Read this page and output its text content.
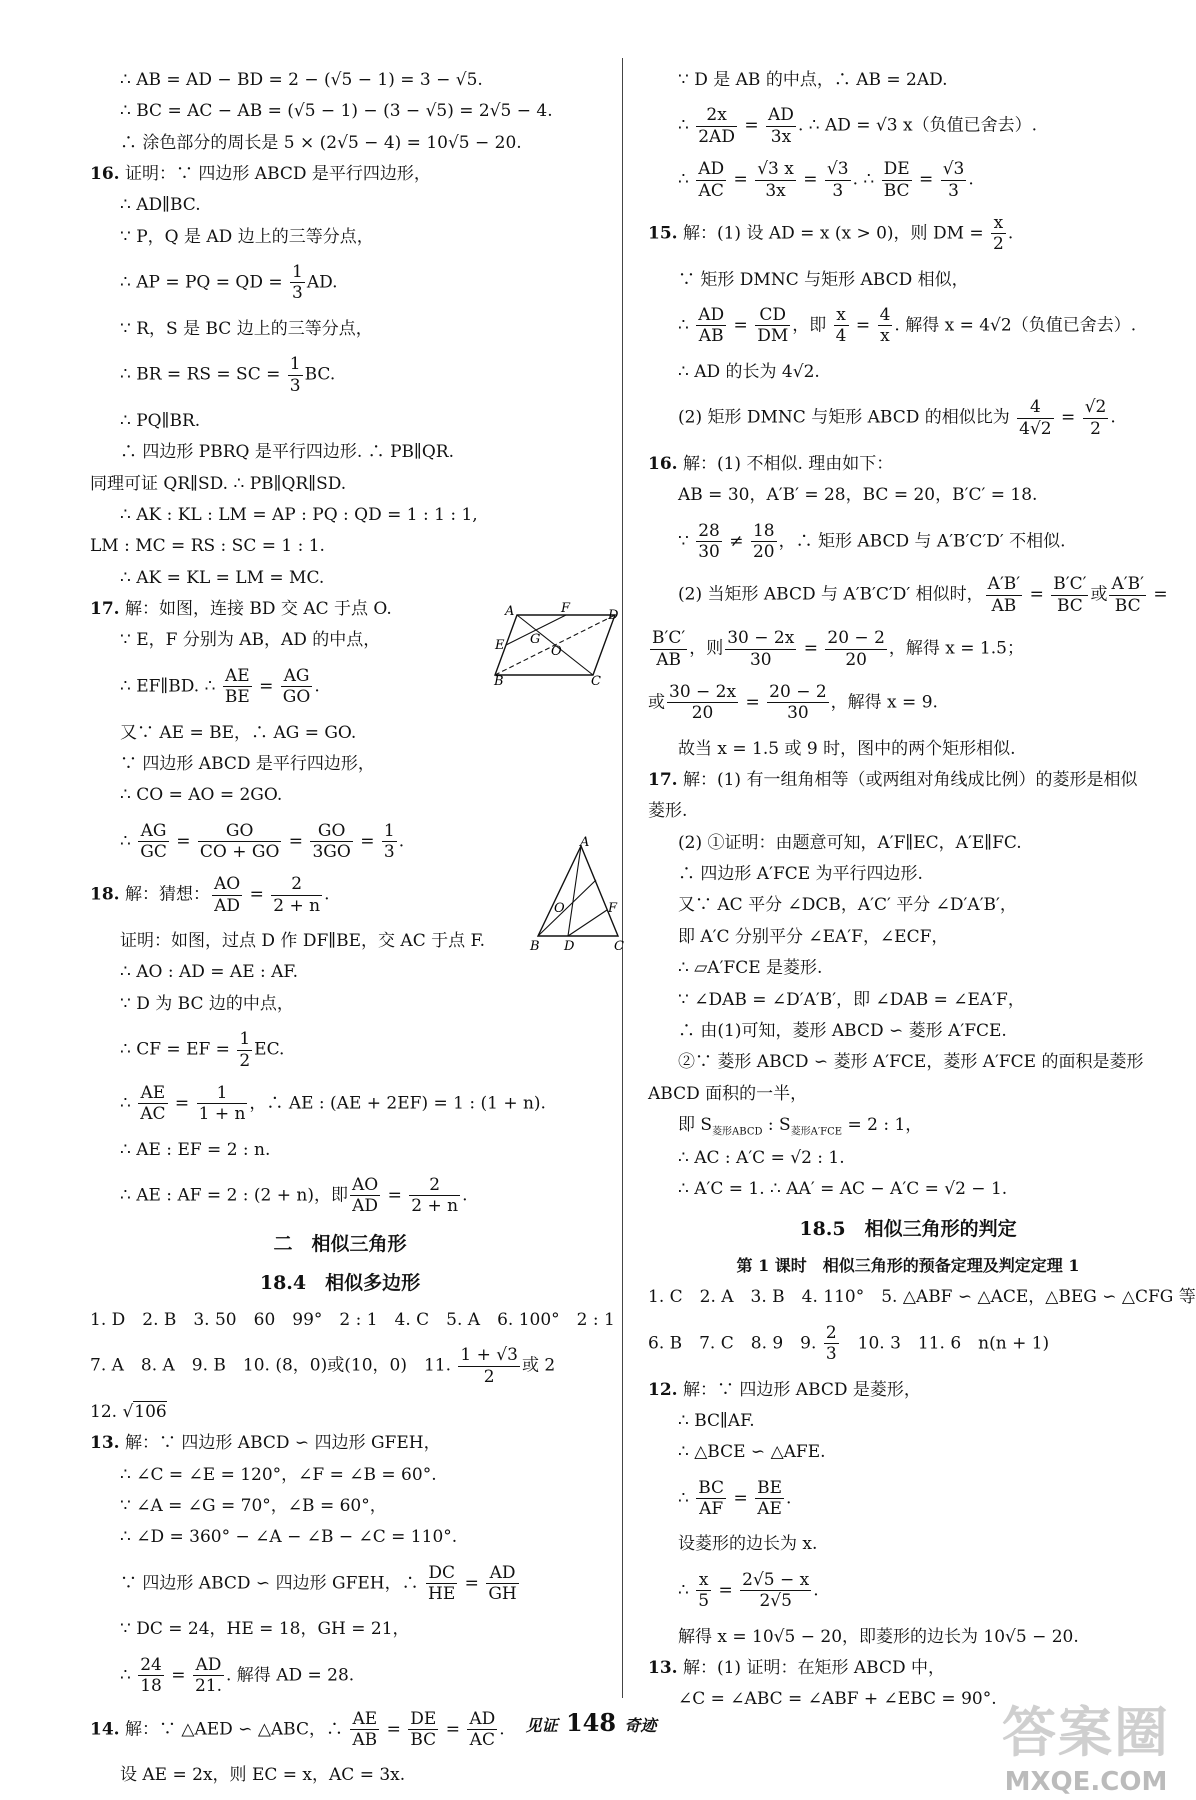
∴ AB = AD − BD = 2 − (√5 − 1) = 3 − √5.
∴ BC = AC − AB = (√5 − 1) − (3 − √5) = 2√5 − 4.
∴ 涂色部分的周长是 5 × (2√5 − 4) = 10√5 − 20.
16. 证明：∵ 四边形 ABCD 是平行四边形，
∴ AD∥BC.
∵ P，Q 是 AD 边上的三等分点，
∴ AP = PQ = QD = $\frac{1}{3}$ AD.
∵ R，S 是 BC 边上的三等分点，
∴ BR = RS = SC = $\frac{1}{3}$ BC.
∴ PQ∥BR.
∴ 四边形 PBRQ 是平行四边形. ∴ PB∥QR.
同理可证 QR∥SD. ∴ PB∥QR∥SD.
∴ AK : KL : LM = AP : PQ : QD = 1 : 1 : 1,
LM : MC = RS : SC = 1 : 1.
∴ AK = KL = LM = MC.
17. 解：如图，连接 BD 交 AC 于点 O.
∵ E，F 分别为 AB，AD 的中点，
∴ EF∥BD. ∴ $\frac{AE}{BE} = \frac{AG}{GO}$ .
又∵ AE = BE，∴ AG = GO.
∵ 四边形 ABCD 是平行四边形，
∴ CO = AO = 2GO.
∴ $\frac{AG}{GC} = \frac{GO}{CO + GO} = \frac{GO}{3GO} = \frac{1}{3}$ .
18. 解：猜想： $\frac{AO}{AD} = \frac{2}{2 + n}$ .
证明：如图，过点 D 作 DF∥BE，交 AC 于点 F.
∴ AO : AD = AE : AF.
∵ D 为 BC 边的中点，
∴ CF = EF = $\frac{1}{2}$ EC.
∴ $\frac{AE}{AC} = \frac{1}{1 + n}$ ，∴ AE : (AE + 2EF) = 1 : (1 + n).
∴ AE : EF = 2 : n.
∴ AE : AF = 2 : (2 + n)，即 $\frac{AO}{AD} = \frac{2}{2 + n}$ .
二　相似三角形
18.4　相似多边形
1. D　2. B　3. 50　60　99°　2 : 1　4. C　5. A　6. 100°　2 : 1
7. A　8. A　9. B　10. (8，0)或(10，0)　11. $\frac{1 + √3}{2}$ 或 2
12. √106
13. 解：∵ 四边形 ABCD ∽ 四边形 GFEH，
∴ ∠C = ∠E = 120°，∠F = ∠B = 60°.
∵ ∠A = ∠G = 70°，∠B = 60°，
∴ ∠D = 360° − ∠A − ∠B − ∠C = 110°.
∵ 四边形 ABCD ∽ 四边形 GFEH，∴ $\frac{DC}{HE} = \frac{AD}{GH}$
∵ DC = 24，HE = 18，GH = 21，
∴ $\frac{24}{18} = \frac{AD}{21.}$ . 解得 AD = 28.
14. 解：∵ △AED ∽ △ABC，∴ $\frac{AE}{AB} = \frac{DE}{BC} = \frac{AD}{AC}$ .
设 AE = 2x，则 EC = x，AC = 3x.
A	F	D
E G
O
B	C
A
O	F
B D	C
∵ D 是 AB 的中点，∴ AB = 2AD.
∴ $\frac{2x}{2AD} = \frac{AD}{3x}$ . ∴ AD = √3 x（负值已舍去）.
∴ $\frac{AD}{AC} = \frac{√3 x}{3x} = \frac{√3}{3}$ . ∴ $\frac{DE}{BC} = \frac{√3}{3}$ .
15. 解：(1) 设 AD = x (x > 0)，则 DM = $\frac{x}{2}$ .
∵ 矩形 DMNC 与矩形 ABCD 相似，
∴ $\frac{AD}{AB} = \frac{CD}{DM}$ ，即 $\frac{x}{4} = \frac{4}{x}$ . 解得 x = 4√2（负值已舍去）.
∴ AD 的长为 4√2.
(2) 矩形 DMNC 与矩形 ABCD 的相似比为 $\frac{4}{4√2} = \frac{√2}{2}$ .
16. 解：(1) 不相似. 理由如下：
AB = 30，A′B′ = 28，BC = 20，B′C′ = 18.
∵ $\frac{28}{30} \ne \frac{18}{20}$ ，∴ 矩形 ABCD 与 A′B′C′D′ 不相似.
(2) 当矩形 ABCD 与 A′B′C′D′ 相似时， $\frac{A'B'}{AB} = \frac{B'C'}{BC}$ 或 $\frac{A'B'}{BC}$ =
$\frac{B'C'}{AB}$ ，则 $\frac{30 - 2x}{30} = \frac{20 - 2}{20}$ ，解得 x = 1.5；
或 $\frac{30 - 2x}{20} = \frac{20 - 2}{30}$ ，解得 x = 9.
故当 x = 1.5 或 9 时，图中的两个矩形相似.
17. 解：(1) 有一组角相等（或两组对角线成比例）的菱形是相似
菱形.
(2) ①证明：由题意可知，A′F∥EC，A′E∥FC.
∴ 四边形 A′FCE 为平行四边形.
又∵ AC 平分 ∠DCB，A′C′ 平分 ∠D′A′B′，
即 A′C 分别平分 ∠EA′F，∠ECF，
∴ ▱A′FCE 是菱形.
∵ ∠DAB = ∠D′A′B′，即 ∠DAB = ∠EA′F，
∴ 由(1)可知，菱形 ABCD ∽ 菱形 A′FCE.
②∵ 菱形 ABCD ∽ 菱形 A′FCE，菱形 A′FCE 的面积是菱形
ABCD 面积的一半，
即 $S_{菱形ABCD}$ : $S_{菱形A'FCE} = 2$ : 1，
∴ AC : A′C = √2 : 1.
∴ A′C = 1. ∴ AA′ = AC − A′C = √2 − 1.
18.5　相似三角形的判定
第 1 课时　相似三角形的预备定理及判定定理 1
1. C　2. A　3. B　4. 110°　5. △ABF ∽ △ACE，△BEG ∽ △CFG 等
6. B　7. C　8. 9　9. $\frac{2}{3}$
　 10. 3　11. 6　n(n + 1)
12. 解：∵ 四边形 ABCD 是菱形，
∴ BC∥AF.
∴ △BCE ∽ △AFE.
∴ $\frac{BC}{AF} = \frac{BE}{AE}$ .
设菱形的边长为 x.
∴ $\frac{x}{5} = \frac{2√5 - x}{2√5}$ .
解得 x = 10√5 − 20，即菱形的边长为 10√5 − 20.
13. 解：(1) 证明：在矩形 ABCD 中，
∠C = ∠ABC = ∠ABF + ∠EBC = 90°.
见证 148 奇迹	答案圈
MXQE.COM
